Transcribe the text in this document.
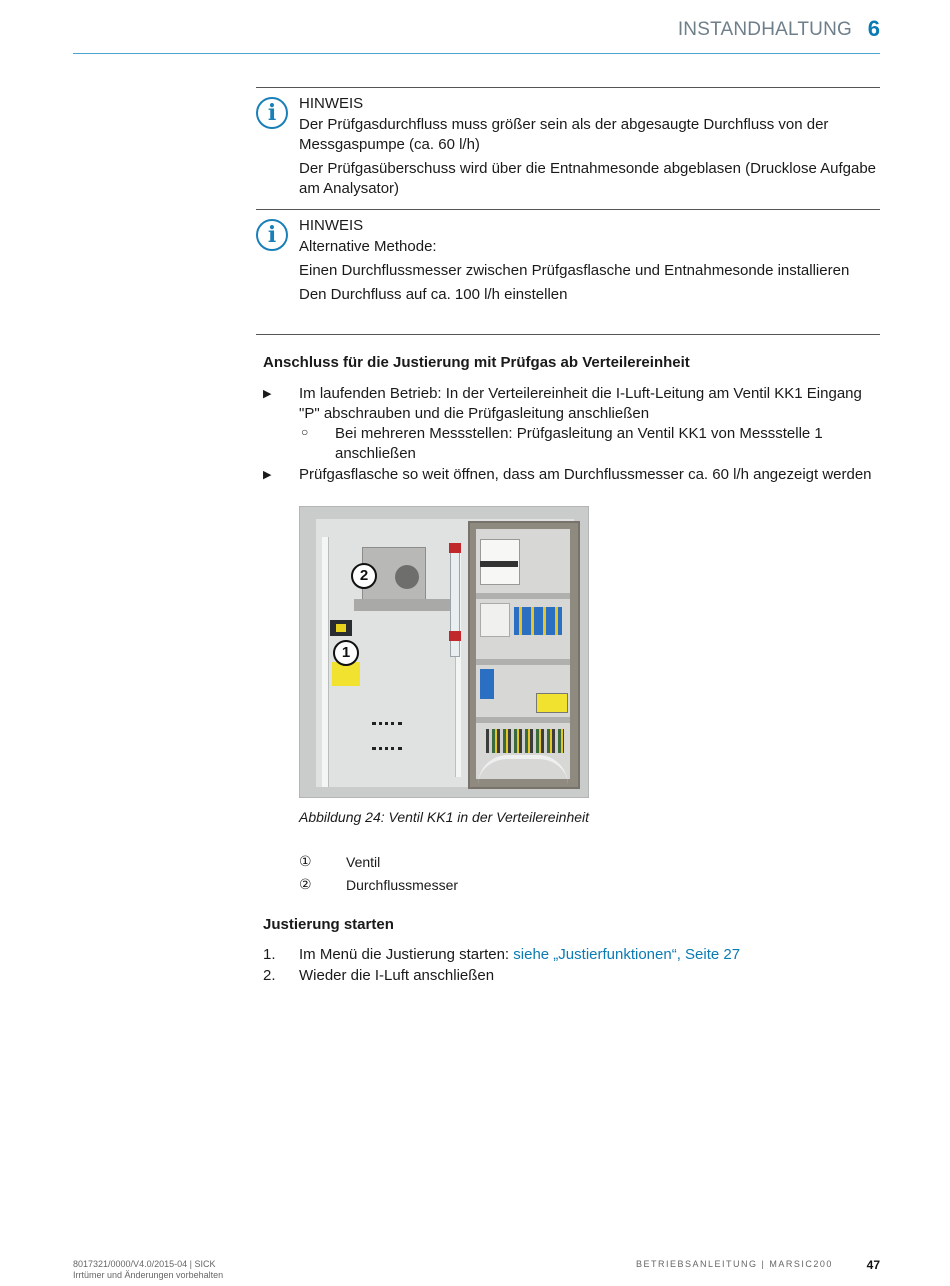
INSTANDHALTUNG 6
i	HINWEIS

Der Prüfgasdurchfluss muss größer sein als der abgesaugte Durchfluss von der Messgaspumpe (ca. 60 l/h)

Der Prüfgasüberschuss wird über die Entnahmesonde abgeblasen (Drucklose Aufgabe am Analysator)

i	HINWEIS

Alternative Methode:

Einen Durchflussmesser zwischen Prüfgasflasche und Entnahmesonde installieren

Den Durchfluss auf ca. 100 l/h einstellen

Anschluss für die Justierung mit Prüfgas ab Verteilereinheit
▶ Im laufenden Betrieb: In der Verteilereinheit die I-Luft-Leitung am Ventil KK1 Eingang "P" abschrauben und die Prüfgasleitung anschließen
○ Bei mehreren Messstellen: Prüfgasleitung an Ventil KK1 von Messstelle 1 anschließen
▶ Prüfgasflasche so weit öffnen, dass am Durchflussmesser ca. 60 l/h angezeigt werden
2
1
Abbildung 24: Ventil KK1 in der Verteilereinheit
① Ventil
② Durchflussmesser
Justierung starten
1. Im Menü die Justierung starten: siehe „Justierfunktionen“, Seite 27
2. Wieder die I-Luft anschließen
8017321/0000/V4.0/2015-04 | SICK
Irrtümer und Änderungen vorbehalten
BETRIEBSANLEITUNG | MARSIC200	47
